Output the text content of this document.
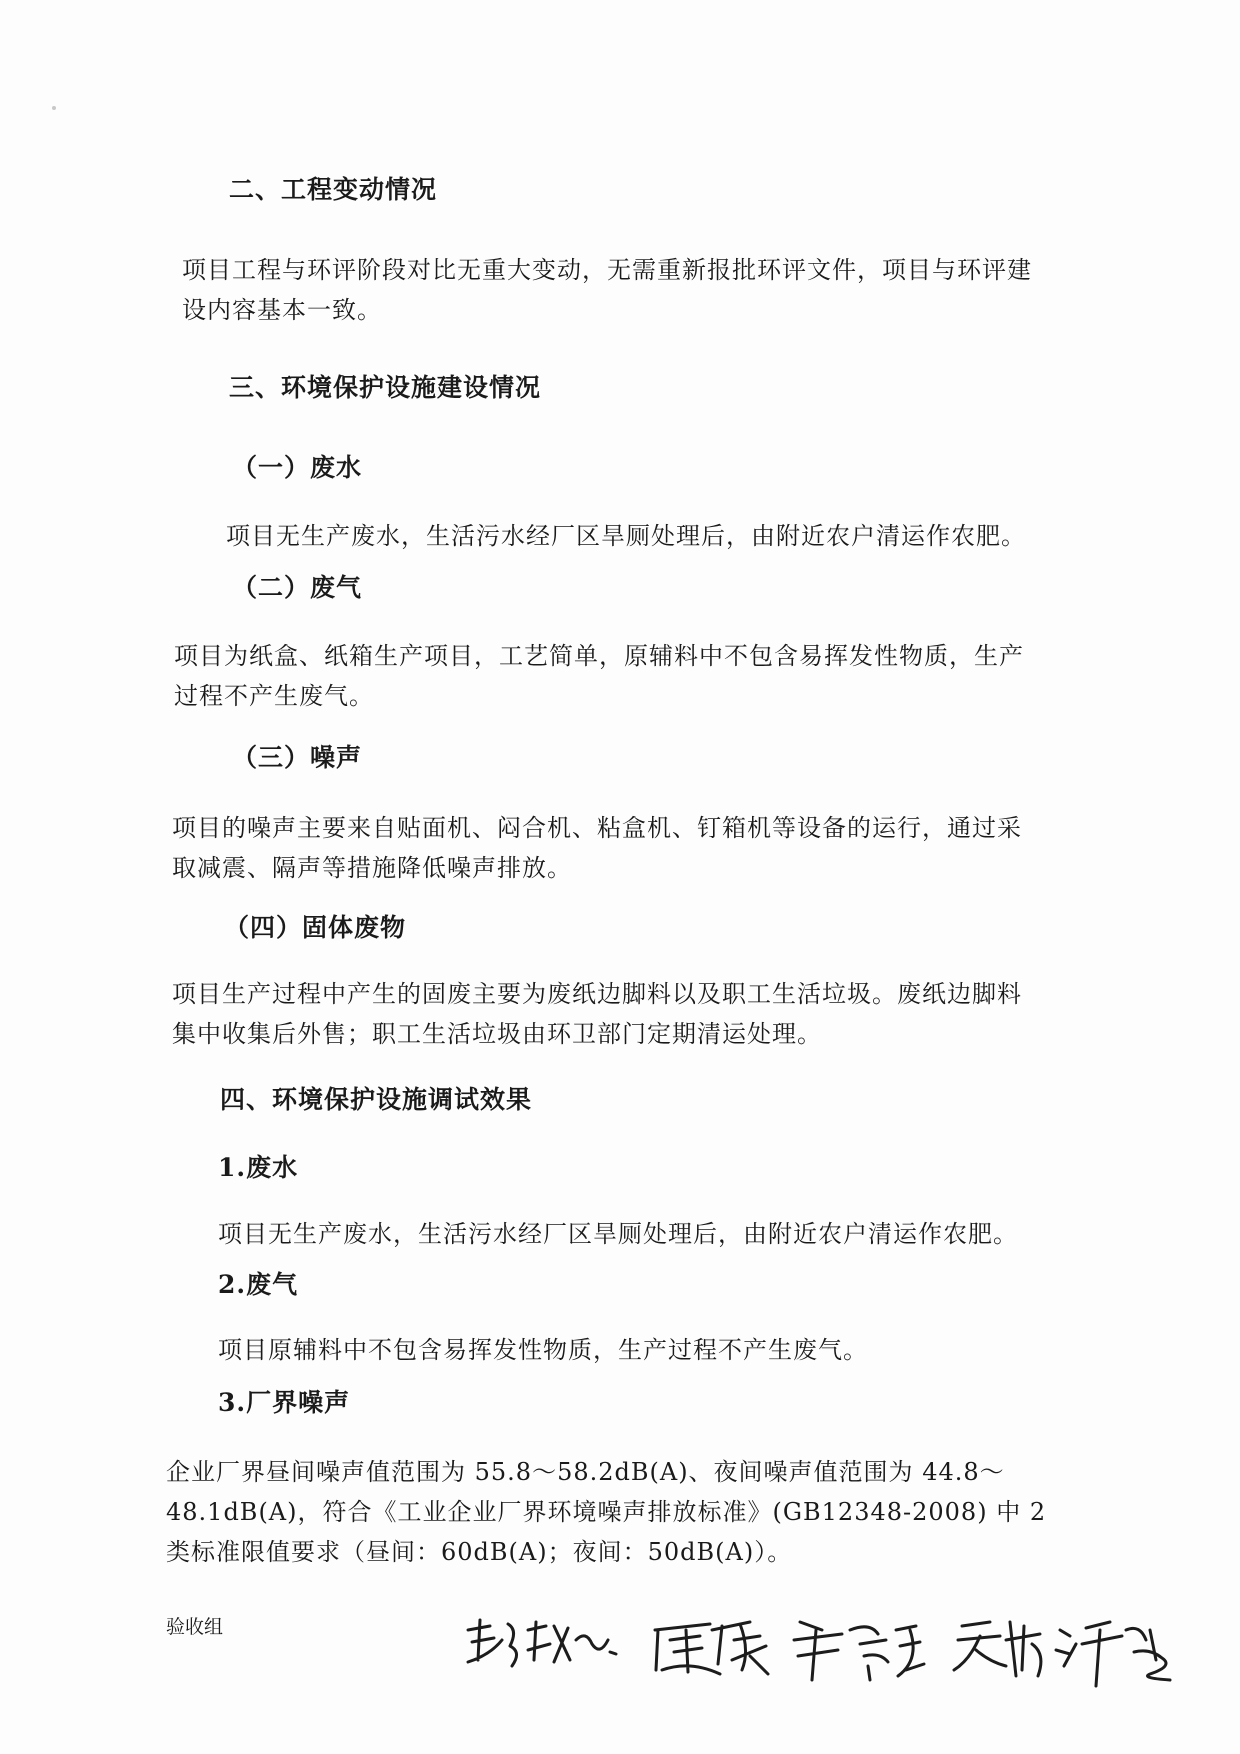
二、工程变动情况
项目工程与环评阶段对比无重大变动，无需重新报批环评文件，项目与环评建设内容基本一致。
三、环境保护设施建设情况
（一）废水
项目无生产废水，生活污水经厂区旱厕处理后，由附近农户清运作农肥。
（二）废气
项目为纸盒、纸箱生产项目，工艺简单，原辅料中不包含易挥发性物质，生产过程不产生废气。
（三）噪声
项目的噪声主要来自贴面机、闷合机、粘盒机、钉箱机等设备的运行，通过采取减震、隔声等措施降低噪声排放。
（四）固体废物
项目生产过程中产生的固废主要为废纸边脚料以及职工生活垃圾。废纸边脚料集中收集后外售；职工生活垃圾由环卫部门定期清运处理。
四、环境保护设施调试效果
1.废水
项目无生产废水，生活污水经厂区旱厕处理后，由附近农户清运作农肥。
2.废气
项目原辅料中不包含易挥发性物质，生产过程不产生废气。
3.厂界噪声
企业厂界昼间噪声值范围为 55.8～58.2dB(A)、夜间噪声值范围为 44.8～48.1dB(A)，符合《工业企业厂界环境噪声排放标准》(GB12348-2008) 中 2 类标准限值要求（昼间：60dB(A)；夜间：50dB(A)）。
验收组
